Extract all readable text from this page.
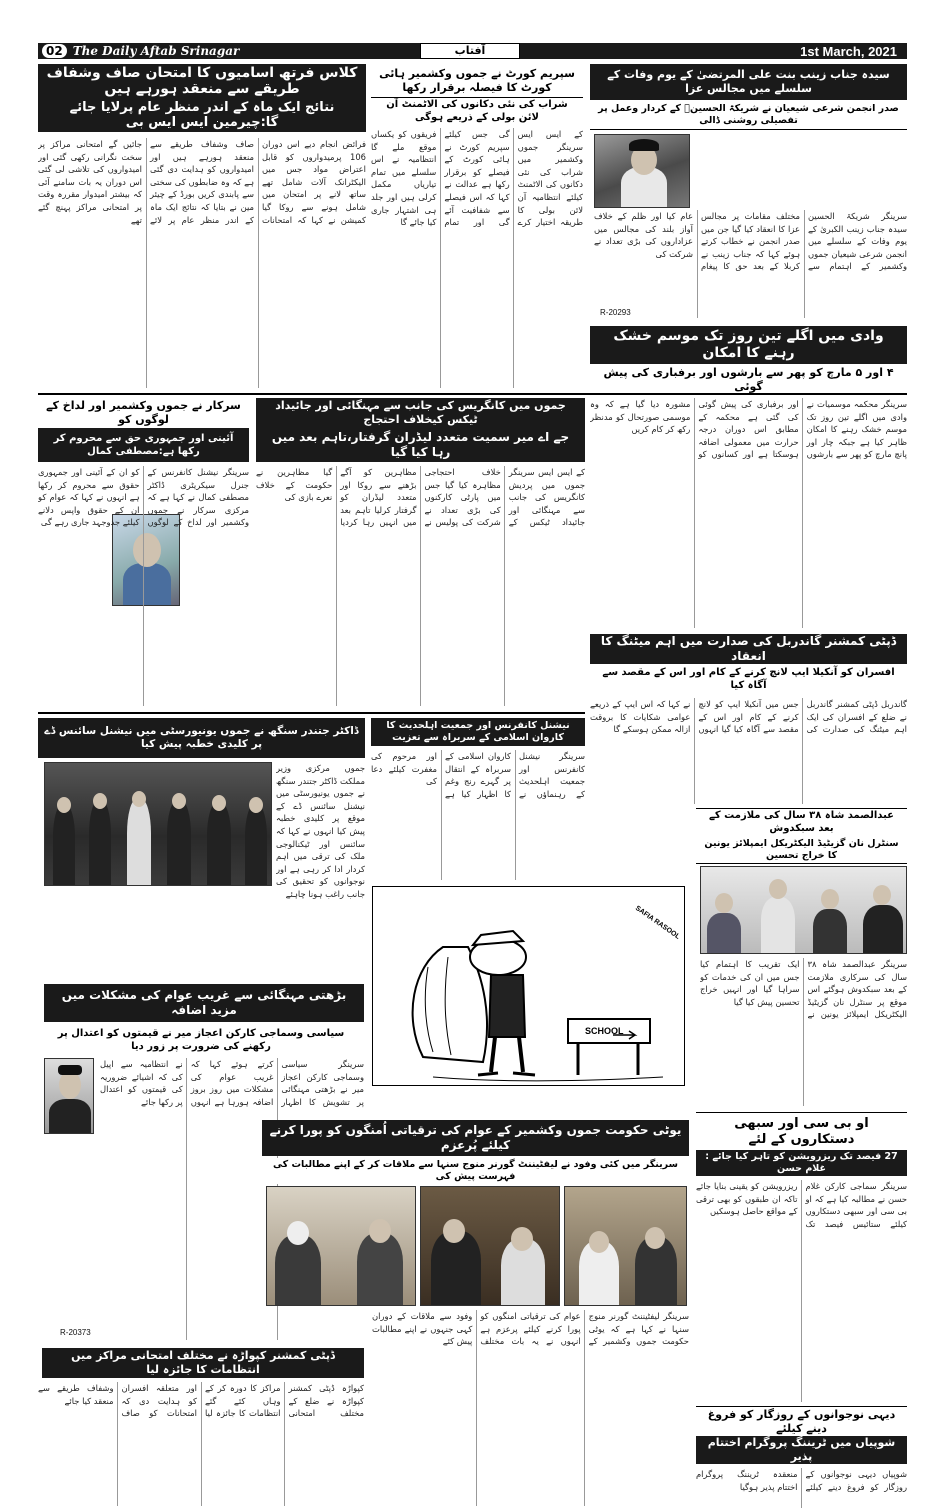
02 The Daily Aftab Srinagar	1st March, 2021
آفتاب
کلاس فرتھ اسامیوں کا امتحان صاف وشفاف طریقے سے منعقد ہورہے ہیں
نتائج ایک ماہ کے اندر منظر عام پرلایا جائے گا:چیرمین ایس ایس بی
فرائض انجام دیے اس دوران 106 پرمیدواروں کو قابل اعتراض مواد جس میں الیکٹرانک آلات شامل تھے ساتھ لانے پر امتحان میں شامل ہونے سے روکا گیا کمیشن نے کہا کہ امتحانات صاف وشفاف طریقے سے منعقد ہورہے ہیں اور امیدواروں کو ہدایت دی گئی ہے کہ وہ ضابطوں کی سختی سے پابندی کریں بورڈ کے چیئر مین نے بتایا کہ نتائج ایک ماہ کے اندر منظر عام پر لائے جائیں گے امتحانی مراکز پر سخت نگرانی رکھی گئی اور امیدواروں کی تلاشی لی گئی اس دوران یہ بات سامنے آئی کہ بیشتر امیدوار مقررہ وقت پر امتحانی مراکز پہنچ گئے تھے
سپریم کورٹ نے جموں وکشمیر ہائی کورٹ کا فیصلہ برقرار رکھا
شراب کی نئی دکانوں کی الاٹمنٹ آن لائن بولی کے ذریعے ہوگی
کے ایس ایس سرینگر جموں وکشمیر میں شراب کی نئی دکانوں کی الاٹمنٹ کیلئے انتظامیہ آن لائن بولی کا طریقہ اختیار کرے گی جس کیلئے سپریم کورٹ نے ہائی کورٹ کے فیصلے کو برقرار رکھا ہے عدالت نے کہا کہ اس فیصلے سے شفافیت آئے گی اور تمام فریقوں کو یکساں موقع ملے گا انتظامیہ نے اس سلسلے میں تمام تیاریاں مکمل کرلی ہیں اور جلد ہی اشتہار جاری کیا جائے گا
سیدہ جناب زینب بنت علی المرتضیٰ کے یوم وفات کے سلسلے میں مجالس عزا
صدر انجمن شرعی شیعیان نے شریکۃ الحسینؑ کے کردار وعمل پر تفصیلی روشنی ڈالی
سرینگر شریکۃ الحسین سیدہ جناب زینب الکبریٰ کے یوم وفات کے سلسلے میں انجمن شرعی شیعیان جموں وکشمیر کے اہتمام سے مختلف مقامات پر مجالس عزا کا انعقاد کیا گیا جن میں صدر انجمن نے خطاب کرتے ہوئے کہا کہ جناب زینب نے کربلا کے بعد حق کا پیغام عام کیا اور ظلم کے خلاف آواز بلند کی مجالس میں عزاداروں کی بڑی تعداد نے شرکت کی
R-20293
وادی میں اگلے تین روز تک موسم خشک رہنے کا امکان
۴ اور ۵ مارچ کو پھر سے بارشوں اور برفباری کی پیش گوئی
سرکار نے جموں وکشمیر اور لداخ کے لوگوں کو
آئینی اور جمہوری حق سے محروم کر رکھا ہے:مصطفی کمال
سرینگر نیشنل کانفرنس کے جنرل سیکریٹری ڈاکٹر مصطفی کمال نے کہا ہے کہ مرکزی سرکار نے جموں وکشمیر اور لداخ کے لوگوں کو ان کے آئینی اور جمہوری حقوق سے محروم کر رکھا ہے انہوں نے کہا کہ عوام کو ان کے حقوق واپس دلانے کیلئے جدوجہد جاری رہے گی
جموں میں کانگریس کی جانب سے مہنگائی اور جائیداد ٹیکس کیخلاف احتجاج
جے اے میر سمیت متعدد لیڈران گرفتار،تاہم بعد میں رہا کیا گیا
کے ایس ایس سرینگر جموں میں پردیش کانگریس کی جانب سے مہنگائی اور جائیداد ٹیکس کے خلاف احتجاجی مظاہرہ کیا گیا جس میں پارٹی کارکنوں کی بڑی تعداد نے شرکت کی پولیس نے مظاہرین کو آگے بڑھنے سے روکا اور متعدد لیڈران کو گرفتار کرلیا تاہم بعد میں انہیں رہا کردیا گیا مظاہرین نے حکومت کے خلاف نعرے بازی کی
سرینگر محکمہ موسمیات نے وادی میں اگلے تین روز تک موسم خشک رہنے کا امکان ظاہر کیا ہے جبکہ چار اور پانچ مارچ کو پھر سے بارشوں اور برفباری کی پیش گوئی کی گئی ہے محکمہ کے مطابق اس دوران درجہ حرارت میں معمولی اضافہ ہوسکتا ہے اور کسانوں کو مشورہ دیا گیا ہے کہ وہ موسمی صورتحال کو مدنظر رکھ کر کام کریں
ڈپٹی کمشنر گاندربل کی صدارت میں اہم میٹنگ کا انعقاد
افسران کو آنکیلا ایپ لانچ کرنے کے کام اور اس کے مقصد سے آگاہ کیا
گاندربل ڈپٹی کمشنر گاندربل نے ضلع کے افسران کی ایک اہم میٹنگ کی صدارت کی جس میں آنکیلا ایپ کو لانچ کرنے کے کام اور اس کے مقصد سے آگاہ کیا گیا انہوں نے کہا کہ اس ایپ کے ذریعے عوامی شکایات کا بروقت ازالہ ممکن ہوسکے گا
ڈاکٹر جتندر سنگھ نے جموں یونیورسٹی میں نیشنل سائنس ڈے پر کلیدی خطبہ پیش کیا
جموں مرکزی وزیر مملکت ڈاکٹر جتندر سنگھ نے جموں یونیورسٹی میں نیشنل سائنس ڈے کے موقع پر کلیدی خطبہ پیش کیا انہوں نے کہا کہ سائنس اور ٹیکنالوجی ملک کی ترقی میں اہم کردار ادا کر رہی ہے اور نوجوانوں کو تحقیق کی جانب راغب ہونا چاہئے
نیشنل کانفرنس اور جمعیت اہلحدیث کا کاروان اسلامی کے سربراہ سے تعزیت
سرینگر نیشنل کانفرنس اور جمعیت اہلحدیث کے رہنماؤں نے کاروان اسلامی کے سربراہ کے انتقال پر گہرے رنج وغم کا اظہار کیا ہے اور مرحوم کی مغفرت کیلئے دعا کی
SCHOOL
SAFIA RASOOL
عبدالصمد شاہ ۳۸ سال کی ملازمت کے بعد سبکدوش
سنٹرل نان گزیٹیڈ الیکٹریکل ایمپلائز یونین کا خراج تحسین
سرینگر عبدالصمد شاہ ۳۸ سال کی سرکاری ملازمت کے بعد سبکدوش ہوگئے اس موقع پر سنٹرل نان گزیٹیڈ الیکٹریکل ایمپلائز یونین نے ایک تقریب کا اہتمام کیا جس میں ان کی خدمات کو سراہا گیا اور انہیں خراج تحسین پیش کیا گیا
بڑھتی مہنگائی سے غریب عوام کی مشکلات میں مزید اضافہ
سیاسی وسماجی کارکن اعجاز میر نے قیمتوں کو اعتدال پر رکھنے کی ضرورت پر زور دیا
سرینگر سیاسی وسماجی کارکن اعجاز میر نے بڑھتی مہنگائی پر تشویش کا اظہار کرتے ہوئے کہا کہ غریب عوام کی مشکلات میں روز بروز اضافہ ہورہا ہے انہوں نے انتظامیہ سے اپیل کی کہ اشیائے ضروریہ کی قیمتوں کو اعتدال پر رکھا جائے
R-20373
او بی سی اور سبھی دستکاروں کے لئے
27 فیصد تک ریزرویشن کو تاہر کیا جائے : غلام حسن
سرینگر سماجی کارکن غلام حسن نے مطالبہ کیا ہے کہ او بی سی اور سبھی دستکاروں کیلئے ستائیس فیصد تک ریزرویشن کو یقینی بنایا جائے تاکہ ان طبقوں کو بھی ترقی کے مواقع حاصل ہوسکیں
یوٹی حکومت جموں وکشمیر کے عوام کی ترقیاتی اُمنگوں کو پورا کرنے کیلئے پُرعزم
سرینگر میں کئی وفود نے لیفٹیننٹ گورنر منوج سنہا سے ملاقات کر کے اپنے مطالبات کی فہرست پیش کی
سرینگر لیفٹیننٹ گورنر منوج سنہا نے کہا ہے کہ یوٹی حکومت جموں وکشمیر کے عوام کی ترقیاتی امنگوں کو پورا کرنے کیلئے پرعزم ہے انہوں نے یہ بات مختلف وفود سے ملاقات کے دوران کہی جنہوں نے اپنے مطالبات پیش کئے
ڈپٹی کمشنر کپواڑہ نے مختلف امتحانی مراکز میں انتظامات کا جائزہ لیا
کپواڑہ ڈپٹی کمشنر کپواڑہ نے ضلع کے مختلف امتحانی مراکز کا دورہ کر کے وہاں کئے گئے انتظامات کا جائزہ لیا اور متعلقہ افسران کو ہدایت دی کہ امتحانات کو صاف وشفاف طریقے سے منعقد کیا جائے
دیہی نوجوانوں کے روزگار کو فروغ دینے کیلئے
شوپیاں میں ٹریننگ پروگرام اختتام پذیر
شوپیاں دیہی نوجوانوں کے روزگار کو فروغ دینے کیلئے منعقدہ ٹریننگ پروگرام اختتام پذیر ہوگیا
